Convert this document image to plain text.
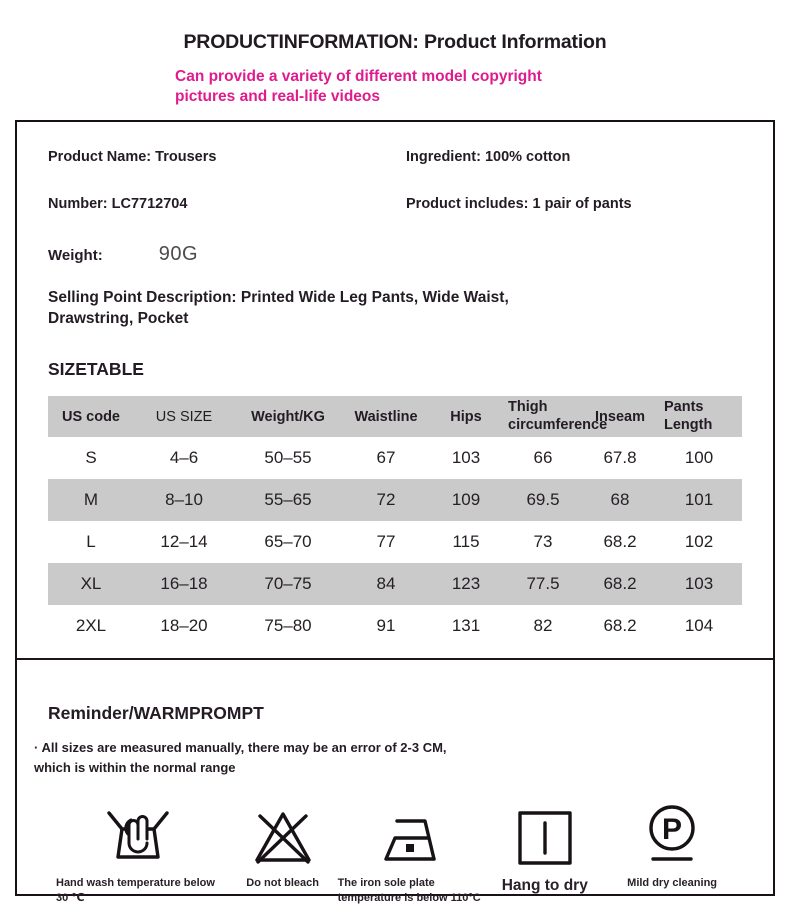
PRODUCTINFORMATION: Product Information

Can provide a variety of different model copyright pictures and real-life videos

Product Name: Trousers	Ingredient: 100% cotton
Number: LC7712704	Product includes: 1 pair of pants
Weight:	90G

Selling Point Description: Printed Wide Leg Pants, Wide Waist, Drawstring, Pocket

SIZETABLE
US code	US SIZE	Weight/KG	Waistline	Hips	Thigh circumference	Inseam	Pants Length
S	4–6	50–55	67	103	66	67.8	100
M	8–10	55–65	72	109	69.5	68	101
L	12–14	65–70	77	115	73	68.2	102
XL	16–18	70–75	84	123	77.5	68.2	103
2XL	18–20	75–80	91	131	82	68.2	104
Reminder/WARMPROMPT

· All sizes are measured manually, there may be an error of 2-3 CM, which is within the normal range

Hand wash temperature below 30 ℃
Do not bleach	The iron sole plate temperature is below 110°C
Hang to dry
P
Mild dry cleaning
